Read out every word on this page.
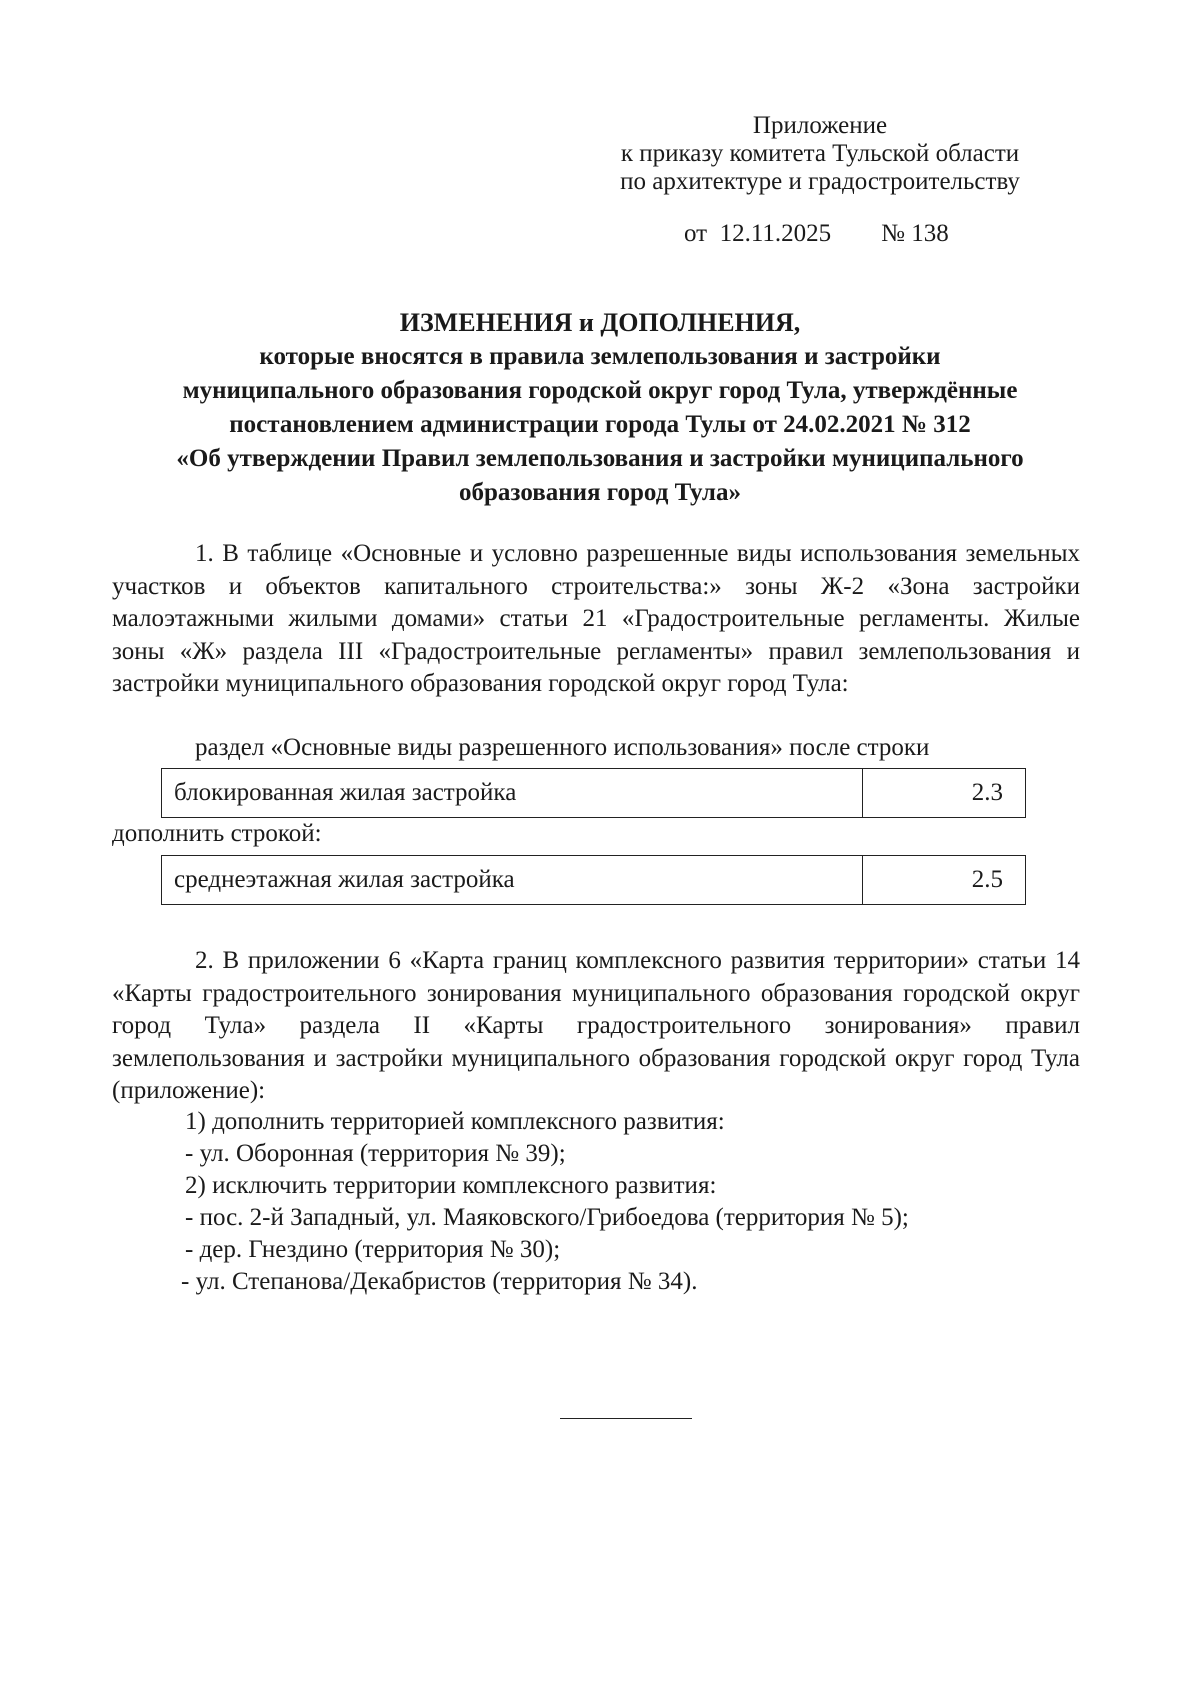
Приложение
к приказу комитета Тульской области
по архитектуре и градостроительству
от  12.11.2025        № 138
ИЗМЕНЕНИЯ и ДОПОЛНЕНИЯ,
которые вносятся в правила землепользования и застройки
муниципального образования городской округ город Тула, утверждённые
постановлением администрации города Тулы от 24.02.2021 № 312
«Об утверждении Правил землепользования и застройки муниципального
образования город Тула»
1. В таблице «Основные и условно разрешенные виды использования земельных участков и объектов капитального строительства:» зоны Ж-2 «Зона застройки малоэтажными жилыми домами» статьи 21 «Градостроительные регламенты. Жилые зоны «Ж» раздела III «Градостроительные регламенты» правил землепользования и застройки муниципального образования городской округ город Тула:
раздел «Основные виды разрешенного использования» после строки
блокированная жилая застройка	2.3
дополнить строкой:
среднеэтажная жилая застройка	2.5
2. В приложении 6 «Карта границ комплексного развития территории» статьи 14 «Карты градостроительного зонирования муниципального образования городской округ город Тула» раздела II «Карты градостроительного зонирования» правил землепользования и застройки муниципального образования городской округ город Тула (приложение):
1) дополнить территорией комплексного развития:
- ул. Оборонная (территория № 39);
2) исключить территории комплексного развития:
- пос. 2-й Западный, ул. Маяковского/Грибоедова (территория № 5);
- дер. Гнездино (территория № 30);
- ул. Степанова/Декабристов (территория № 34).
